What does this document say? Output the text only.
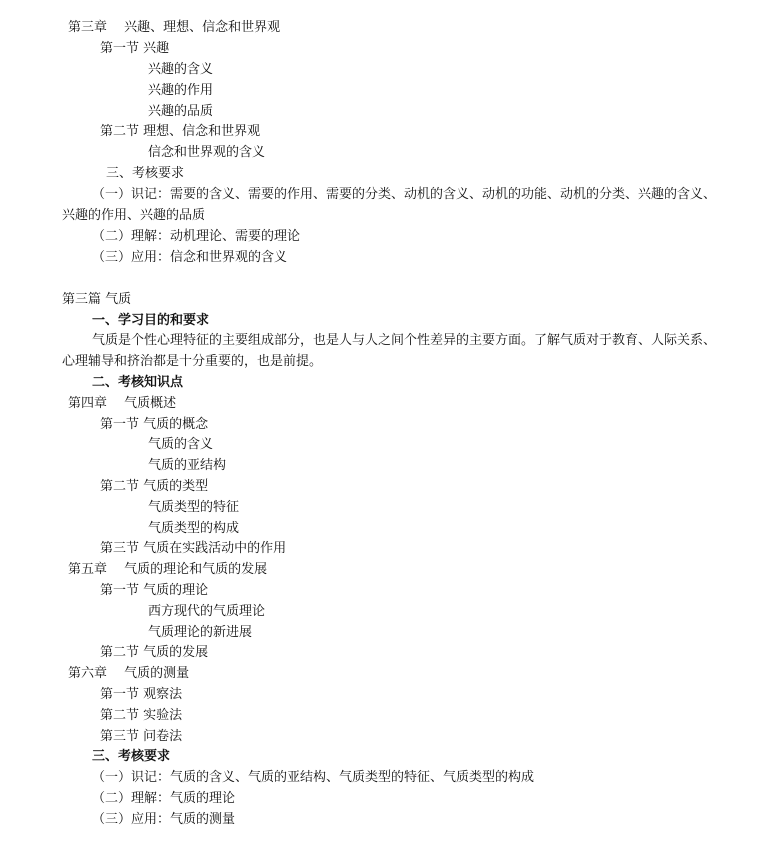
第三章　 兴趣、理想、信念和世界观
第一节 兴趣
兴趣的含义
兴趣的作用
兴趣的品质
第二节 理想、信念和世界观
信念和世界观的含义
三、考核要求
（一）识记：需要的含义、需要的作用、需要的分类、动机的含义、动机的功能、动机的分类、兴趣的含义、
兴趣的作用、兴趣的品质
（二）理解：动机理论、需要的理论
（三）应用：信念和世界观的含义
第三篇 气质
一、学习目的和要求
气质是个性心理特征的主要组成部分，也是人与人之间个性差异的主要方面。了解气质对于教育、人际关系、
心理辅导和挤治都是十分重要的，也是前提。
二、考核知识点
第四章　 气质概述
第一节 气质的概念
气质的含义
气质的亚结构
第二节 气质的类型
气质类型的特征
气质类型的构成
第三节 气质在实践活动中的作用
第五章　 气质的理论和气质的发展
第一节 气质的理论
西方现代的气质理论
气质理论的新进展
第二节 气质的发展
第六章　 气质的测量
第一节 观察法
第二节 实验法
第三节 问卷法
三、考核要求
（一）识记：气质的含义、气质的亚结构、气质类型的特征、气质类型的构成
（二）理解：气质的理论
（三）应用：气质的测量
